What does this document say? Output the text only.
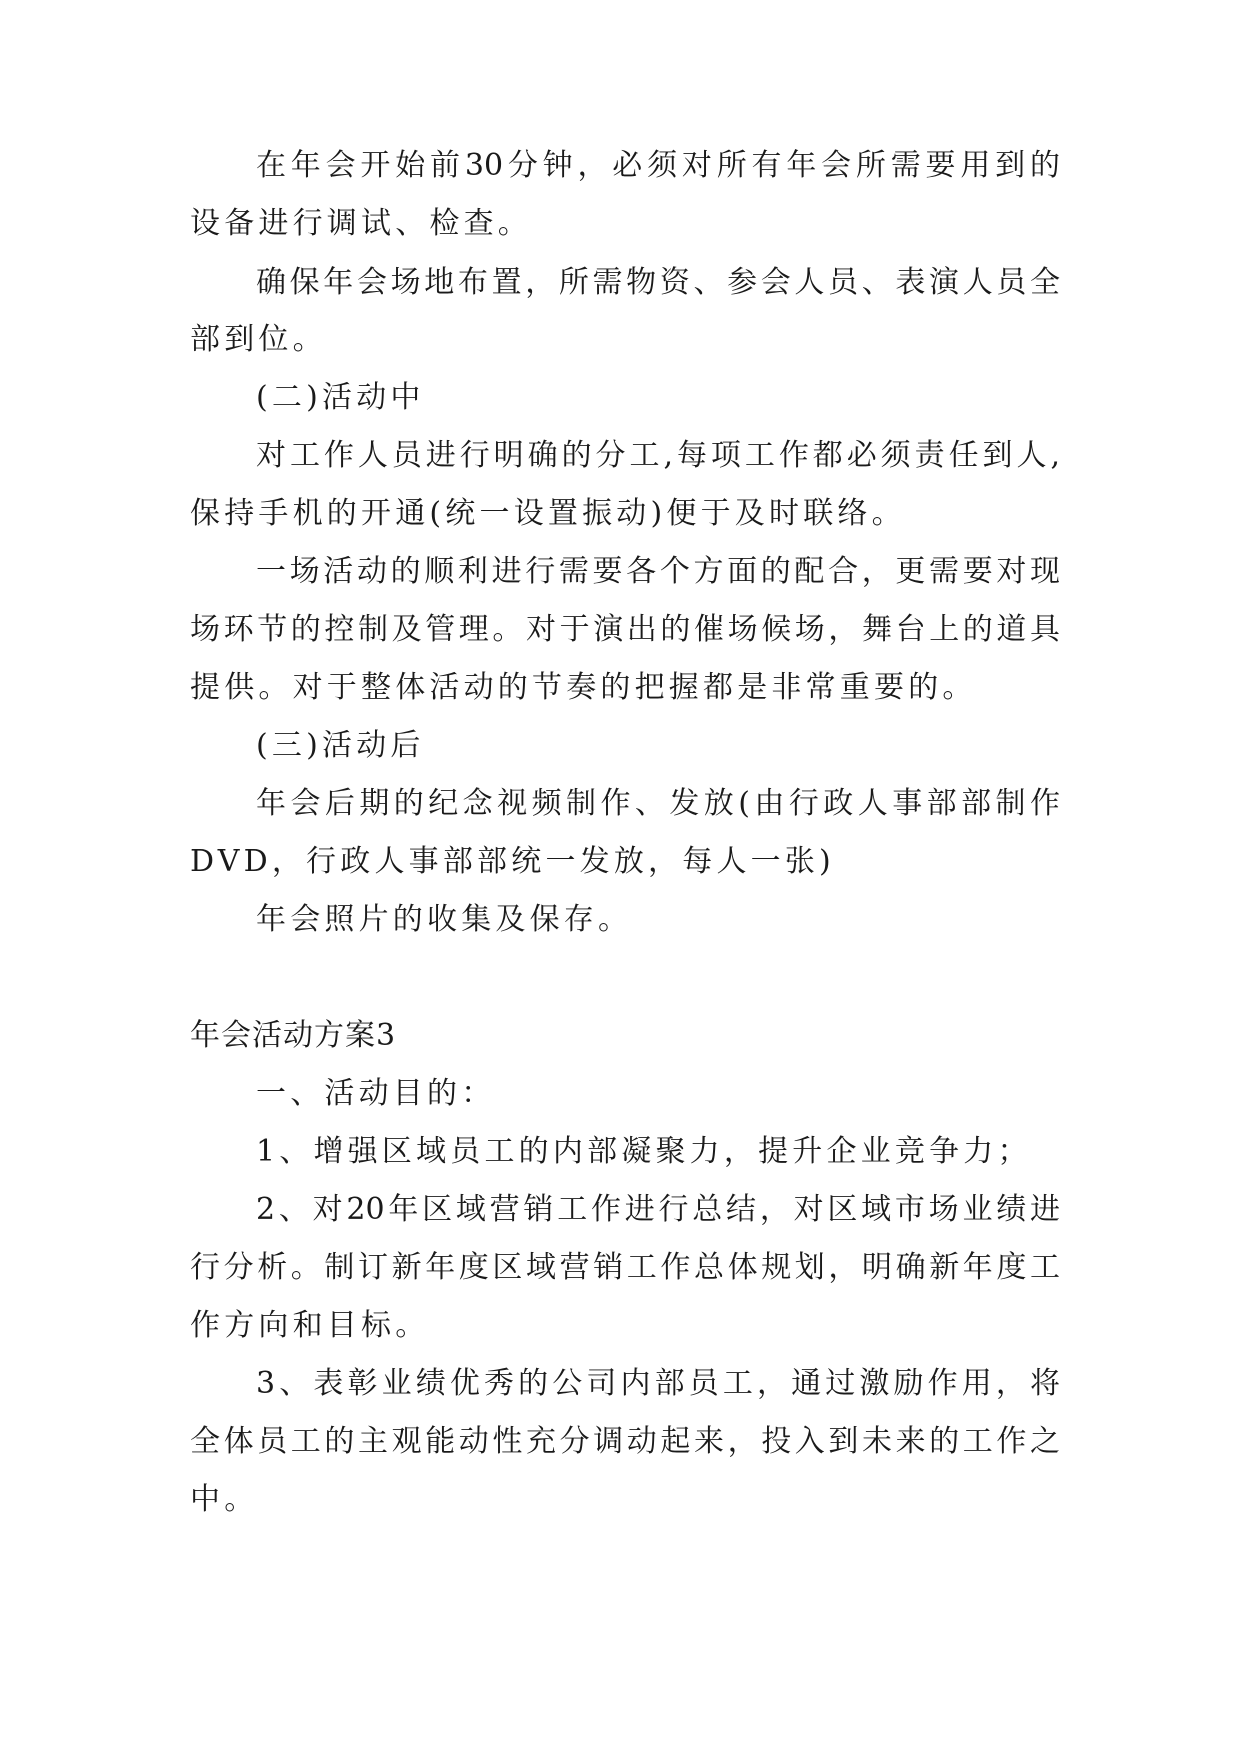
在年会开始前30分钟，必须对所有年会所需要用到的
设备进行调试、检查。
确保年会场地布置，所需物资、参会人员、表演人员全
部到位。
(二)活动中
对工作人员进行明确的分工,每项工作都必须责任到人,
保持手机的开通(统一设置振动)便于及时联络。
一场活动的顺利进行需要各个方面的配合，更需要对现
场环节的控制及管理。对于演出的催场候场，舞台上的道具
提供。对于整体活动的节奏的把握都是非常重要的。
(三)活动后
年会后期的纪念视频制作、发放(由行政人事部部制作
DVD，行政人事部部统一发放，每人一张)
年会照片的收集及保存。
年会活动方案3
一、活动目的：
1、增强区域员工的内部凝聚力，提升企业竞争力；
2、对20年区域营销工作进行总结，对区域市场业绩进
行分析。制订新年度区域营销工作总体规划，明确新年度工
作方向和目标。
3、表彰业绩优秀的公司内部员工，通过激励作用，将
全体员工的主观能动性充分调动起来，投入到未来的工作之
中。
